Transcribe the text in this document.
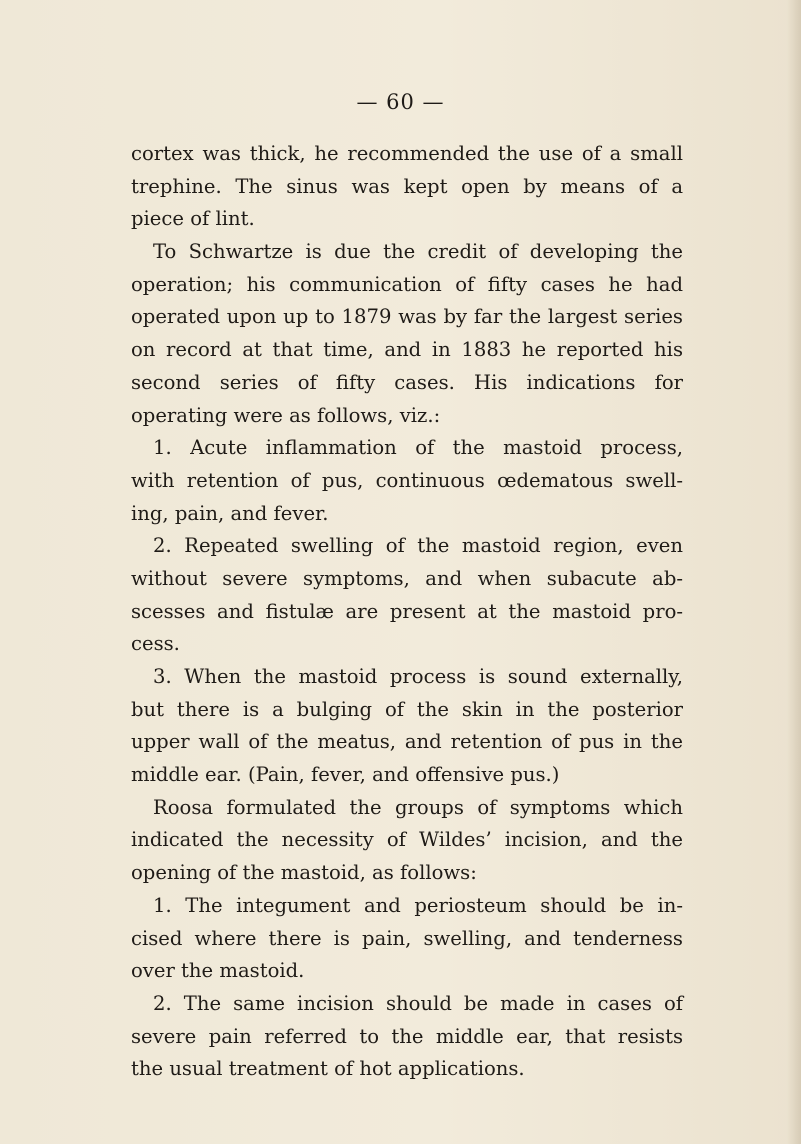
— 60 —
cortex was thick, he recommended the use of a small
trephine. The sinus was kept open by means of a
piece of lint.
To Schwartze is due the credit of developing the
operation; his communication of fifty cases he had
operated upon up to 1879 was by far the largest series
on record at that time, and in 1883 he reported his
second series of fifty cases. His indications for
operating were as follows, viz.:
1. Acute inflammation of the mastoid process,
with retention of pus, continuous œdematous swell-
ing, pain, and fever.
2. Repeated swelling of the mastoid region, even
without severe symptoms, and when subacute ab-
scesses and fistulæ are present at the mastoid pro-
cess.
3. When the mastoid process is sound externally,
but there is a bulging of the skin in the posterior
upper wall of the meatus, and retention of pus in the
middle ear. (Pain, fever, and offensive pus.)
Roosa formulated the groups of symptoms which
indicated the necessity of Wildes’ incision, and the
opening of the mastoid, as follows:
1. The integument and periosteum should be in-
cised where there is pain, swelling, and tenderness
over the mastoid.
2. The same incision should be made in cases of
severe pain referred to the middle ear, that resists
the usual treatment of hot applications.
